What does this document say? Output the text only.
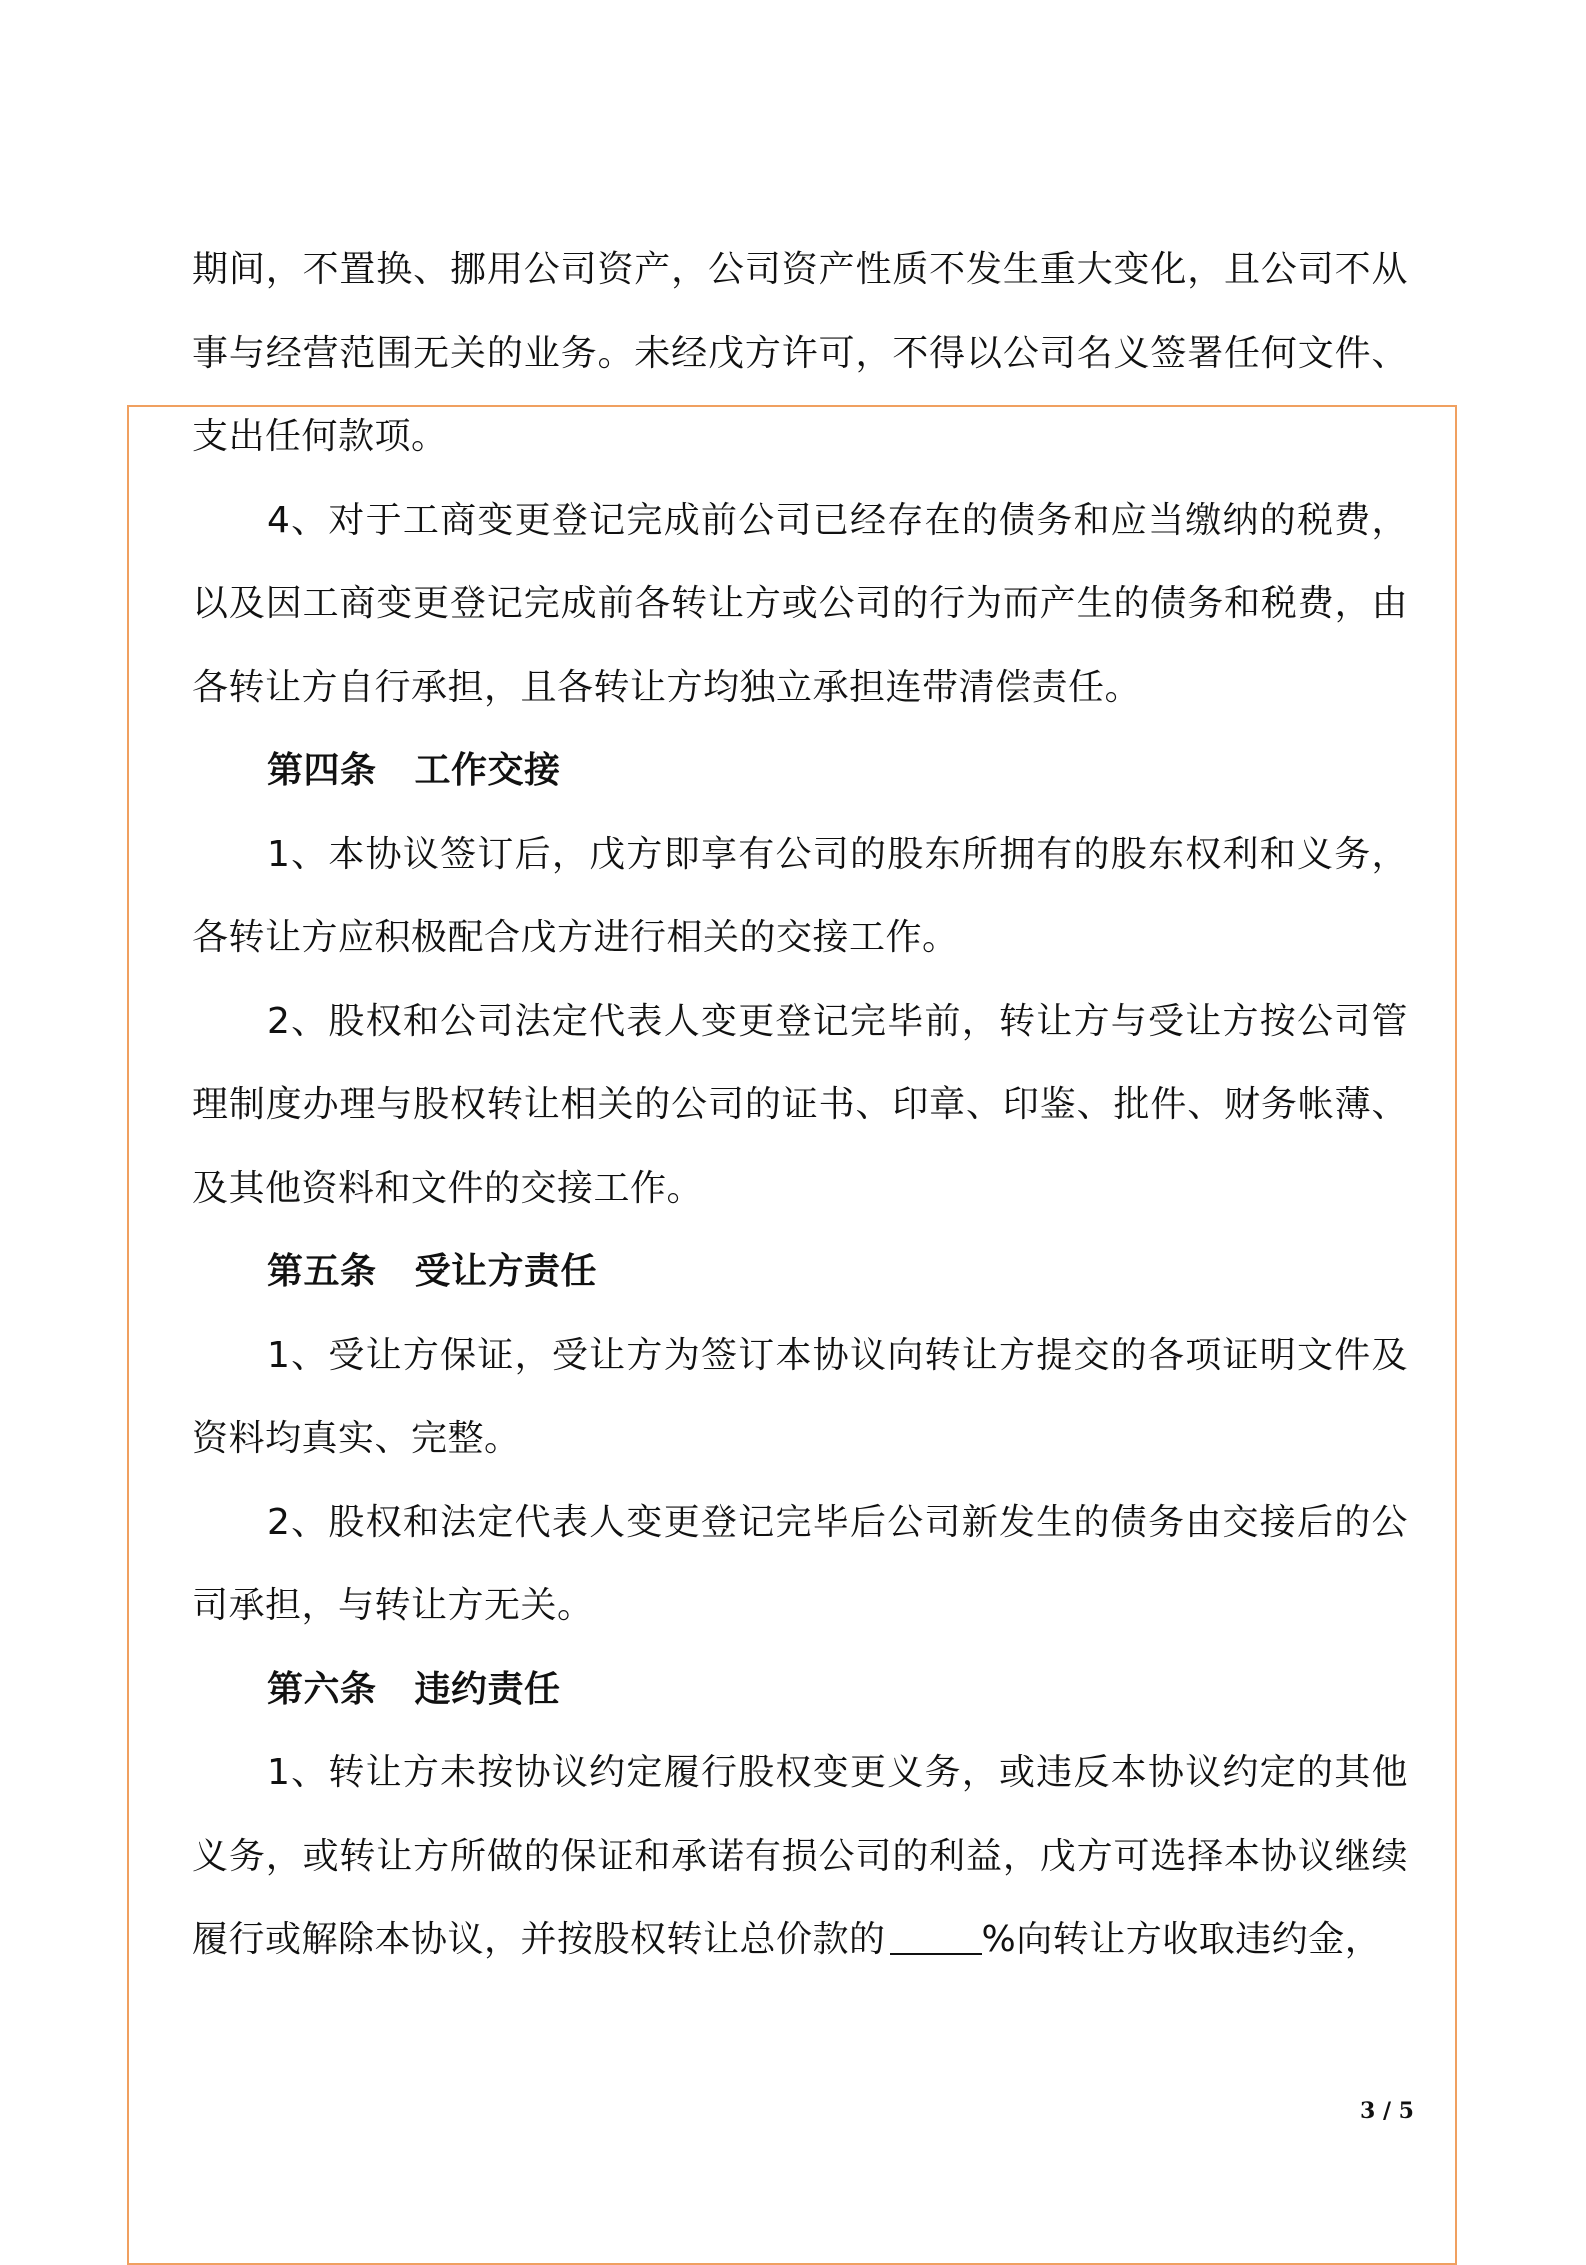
期间，不置换、挪用公司资产，公司资产性质不发生重大变化，且公司不从事与经营范围无关的业务。未经戊方许可，不得以公司名义签署任何文件、支出任何款项。

4、对于工商变更登记完成前公司已经存在的债务和应当缴纳的税费，以及因工商变更登记完成前各转让方或公司的行为而产生的债务和税费，由各转让方自行承担，且各转让方均独立承担连带清偿责任。

第四条 工作交接

1、本协议签订后，戊方即享有公司的股东所拥有的股东权利和义务，各转让方应积极配合戊方进行相关的交接工作。

2、股权和公司法定代表人变更登记完毕前，转让方与受让方按公司管理制度办理与股权转让相关的公司的证书、印章、印鉴、批件、财务帐薄、及其他资料和文件的交接工作。

第五条 受让方责任

1、受让方保证，受让方为签订本协议向转让方提交的各项证明文件及资料均真实、完整。

2、股权和法定代表人变更登记完毕后公司新发生的债务由交接后的公司承担，与转让方无关。

第六条 违约责任

1、转让方未按协议约定履行股权变更义务，或违反本协议约定的其他义务，或转让方所做的保证和承诺有损公司的利益，戊方可选择本协议继续履行或解除本协议，并按股权转让总价款的	%向转让方收取违约金，

3 / 5
